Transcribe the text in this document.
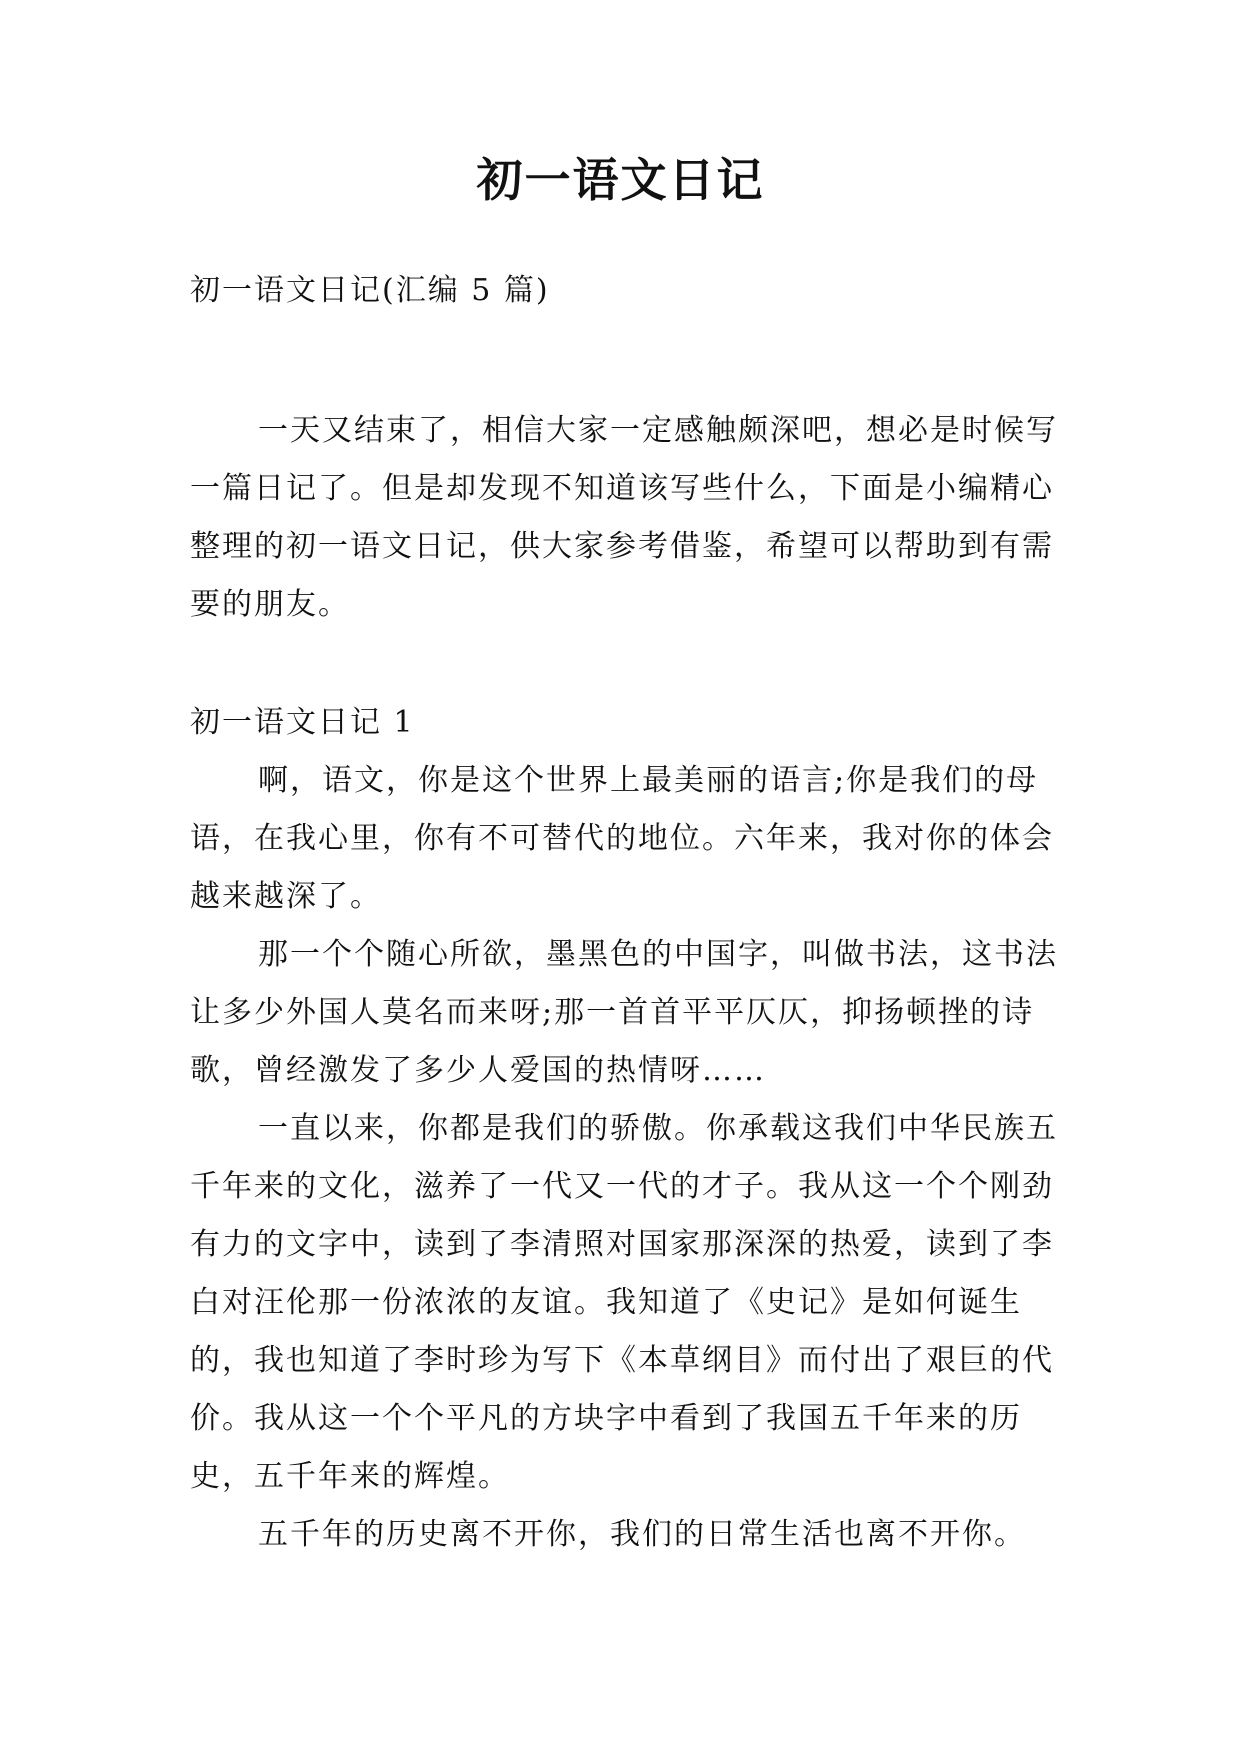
初一语文日记

初一语文日记(汇编 5 篇)

一天又结束了，相信大家一定感触颇深吧，想必是时候写一篇日记了。但是却发现不知道该写些什么，下面是小编精心整理的初一语文日记，供大家参考借鉴，希望可以帮助到有需要的朋友。

初一语文日记 1

啊，语文，你是这个世界上最美丽的语言;你是我们的母语，在我心里，你有不可替代的地位。六年来，我对你的体会越来越深了。

那一个个随心所欲，墨黑色的中国字，叫做书法，这书法让多少外国人莫名而来呀;那一首首平平仄仄，抑扬顿挫的诗歌，曾经激发了多少人爱国的热情呀……

一直以来，你都是我们的骄傲。你承载这我们中华民族五千年来的文化，滋养了一代又一代的才子。我从这一个个刚劲有力的文字中，读到了李清照对国家那深深的热爱，读到了李白对汪伦那一份浓浓的友谊。我知道了《史记》是如何诞生的，我也知道了李时珍为写下《本草纲目》而付出了艰巨的代价。我从这一个个平凡的方块字中看到了我国五千年来的历史，五千年来的辉煌。

五千年的历史离不开你，我们的日常生活也离不开你。
